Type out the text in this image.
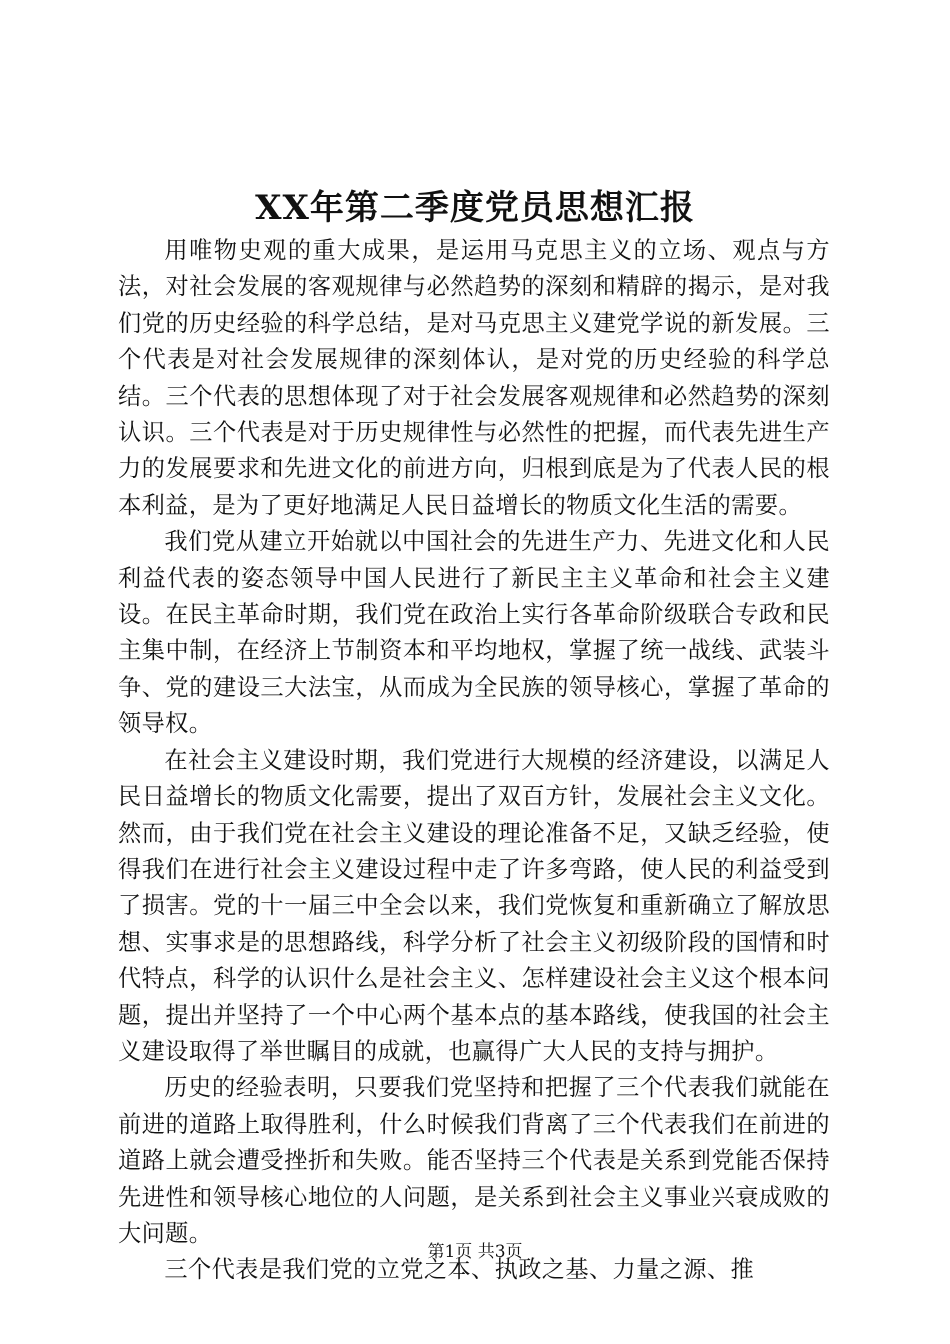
XX年第二季度党员思想汇报

用唯物史观的重大成果，是运用马克思主义的立场、观点与方法，对社会发展的客观规律与必然趋势的深刻和精辟的揭示，是对我们党的历史经验的科学总结，是对马克思主义建党学说的新发展。三个代表是对社会发展规律的深刻体认，是对党的历史经验的科学总结。三个代表的思想体现了对于社会发展客观规律和必然趋势的深刻认识。三个代表是对于历史规律性与必然性的把握，而代表先进生产力的发展要求和先进文化的前进方向，归根到底是为了代表人民的根本利益，是为了更好地满足人民日益增长的物质文化生活的需要。

我们党从建立开始就以中国社会的先进生产力、先进文化和人民利益代表的姿态领导中国人民进行了新民主主义革命和社会主义建设。在民主革命时期，我们党在政治上实行各革命阶级联合专政和民主集中制，在经济上节制资本和平均地权，掌握了统一战线、武装斗争、党的建设三大法宝，从而成为全民族的领导核心，掌握了革命的领导权。

在社会主义建设时期，我们党进行大规模的经济建设，以满足人民日益增长的物质文化需要，提出了双百方针，发展社会主义文化。然而，由于我们党在社会主义建设的理论准备不足，又缺乏经验，使得我们在进行社会主义建设过程中走了许多弯路，使人民的利益受到了损害。党的十一届三中全会以来，我们党恢复和重新确立了解放思想、实事求是的思想路线，科学分析了社会主义初级阶段的国情和时代特点，科学的认识什么是社会主义、怎样建设社会主义这个根本问题，提出并坚持了一个中心两个基本点的基本路线，使我国的社会主义建设取得了举世瞩目的成就，也赢得广大人民的支持与拥护。

历史的经验表明，只要我们党坚持和把握了三个代表我们就能在前进的道路上取得胜利，什么时候我们背离了三个代表我们在前进的道路上就会遭受挫折和失败。能否坚持三个代表是关系到党能否保持先进性和领导核心地位的人问题，是关系到社会主义事业兴衰成败的大问题。

三个代表是我们党的立党之本、执政之基、力量之源、推

第1页 共3页
